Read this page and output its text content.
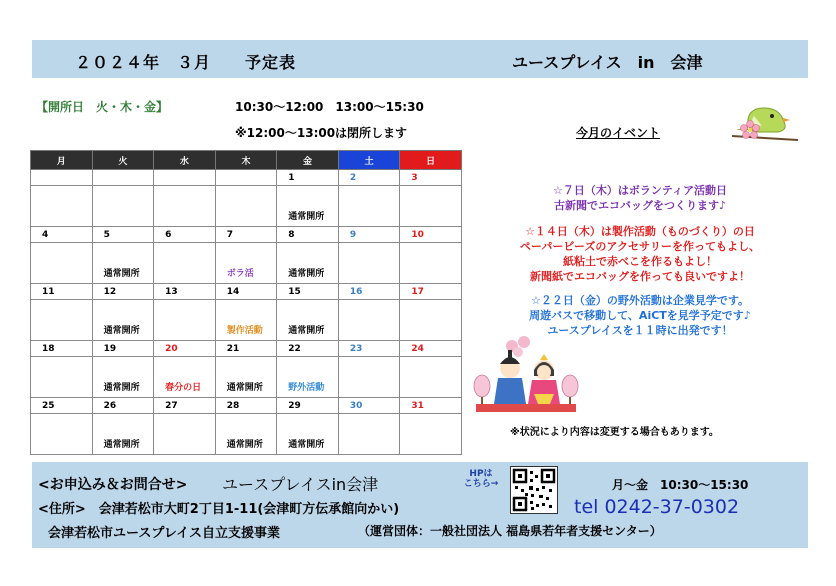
２０２４年　３月　　予定表	ユースプレイス　in　会津
【開所日　火・木・金】	10:30～12:00　13:00～15:30
※12:00～13:00は閉所します	今月のイベント
月	火	水	木	金	土	日
				1	2	3
				通常開所		
4	5	6	7	8	9	10
	通常開所		ボラ活	通常開所		
11	12	13	14	15	16	17
	通常開所		製作活動	通常開所		
18	19	20	21	22	23	24
	通常開所	春分の日	通常開所	野外活動		
25	26	27	28	29	30	31
	通常開所		通常開所	通常開所		
☆７日（木）はボランティア活動日
古新聞でエコバッグをつくります♪
☆１４日（木）は製作活動（ものづくり）の日
ペーパービーズのアクセサリーを作ってもよし、
紙粘土で赤べこを作るもよし！
新聞紙でエコバッグを作っても良いですよ！
☆２２日（金）の野外活動は企業見学です。
周遊バスで移動して、AiCTを見学予定です♪
ユースプレイスを１１時に出発です！
※状況により内容は変更する場合もあります。
<お申込み＆お問合せ> ユースプレイスin会津
HPは
こちら→	月～金　10:30～15:30
<住所>　会津若松市大町2丁目1-11(会津町方伝承館向かい)	tel 0242-37-0302
会津若松市ユースプレイス自立支援事業	（運営団体：一般社団法人 福島県若年者支援センター）
